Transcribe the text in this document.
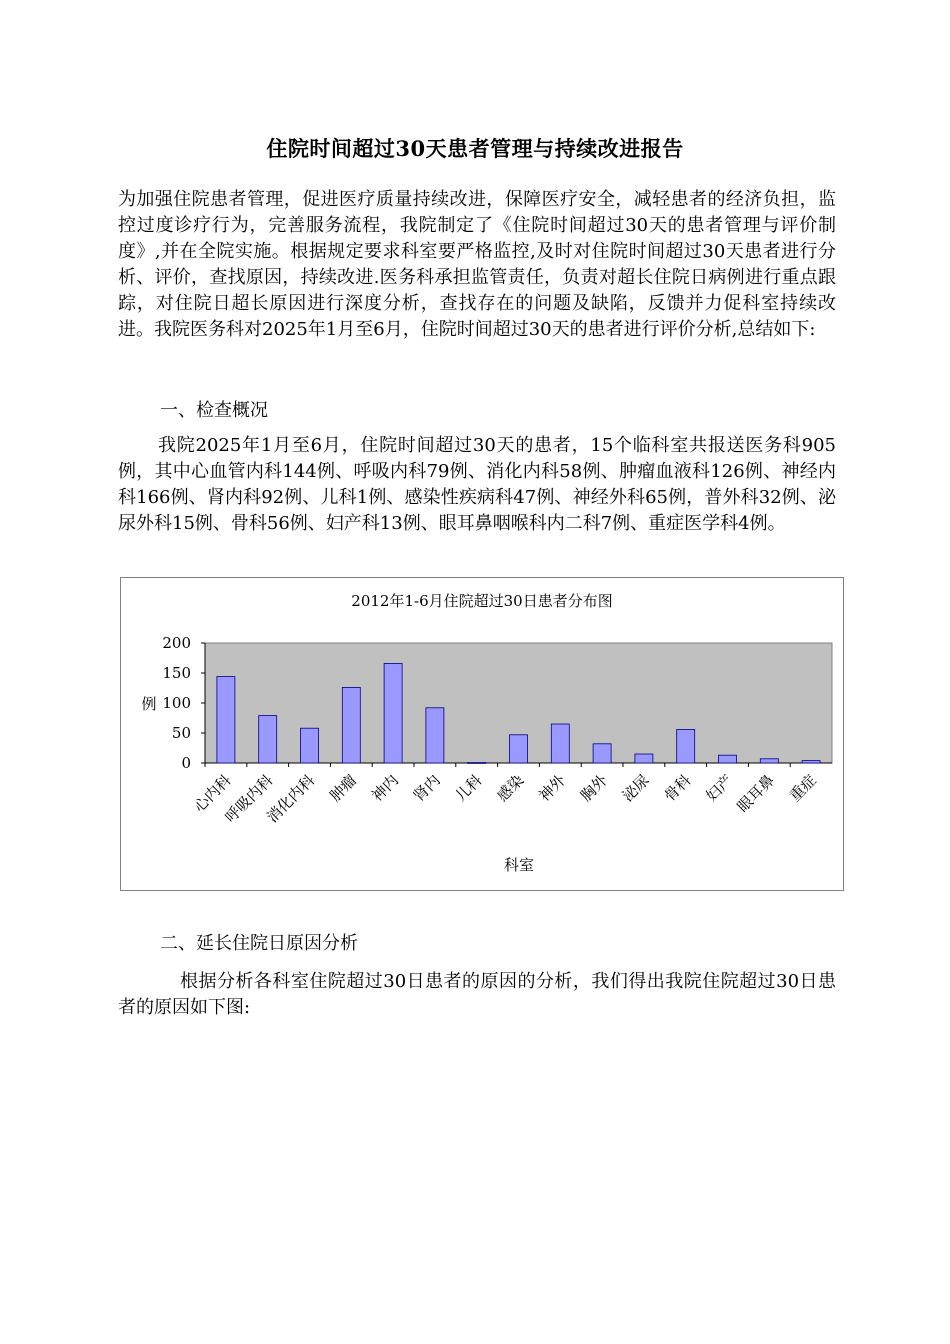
住院时间超过30天患者管理与持续改进报告

为加强住院患者管理，促进医疗质量持续改进，保障医疗安全，减轻患者的经济负担，监控过度诊疗行为，完善服务流程，我院制定了《住院时间超过30天的患者管理与评价制度》,并在全院实施。根据规定要求科室要严格监控,及时对住院时间超过30天患者进行分析、评价，查找原因，持续改进.医务科承担监管责任，负责对超长住院日病例进行重点跟踪，对住院日超长原因进行深度分析，查找存在的问题及缺陷，反馈并力促科室持续改进。我院医务科对2025年1月至6月，住院时间超过30天的患者进行评价分析,总结如下:

一、检查概况

我院2025年1月至6月，住院时间超过30天的患者，15个临科室共报送医务科905例，其中心血管内科144例、呼吸内科79例、消化内科58例、肿瘤血液科126例、神经内科166例、肾内科92例、儿科1例、感染性疾病科47例、神经外科65例，普外科32例、泌尿外科15例、骨科56例、妇产科13例、眼耳鼻咽喉科内二科7例、重症医学科4例。

2012年1-6月住院超过30日患者分布图
0
50
100
150
200
心内科
呼吸内科
消化内科 肿瘤 神内 肾内 儿科 感染 神外 胸外 泌尿 骨科 妇产
眼耳鼻 重症
例
科室

二、延长住院日原因分析

根据分析各科室住院超过30日患者的原因的分析，我们得出我院住院超过30日患者的原因如下图:
